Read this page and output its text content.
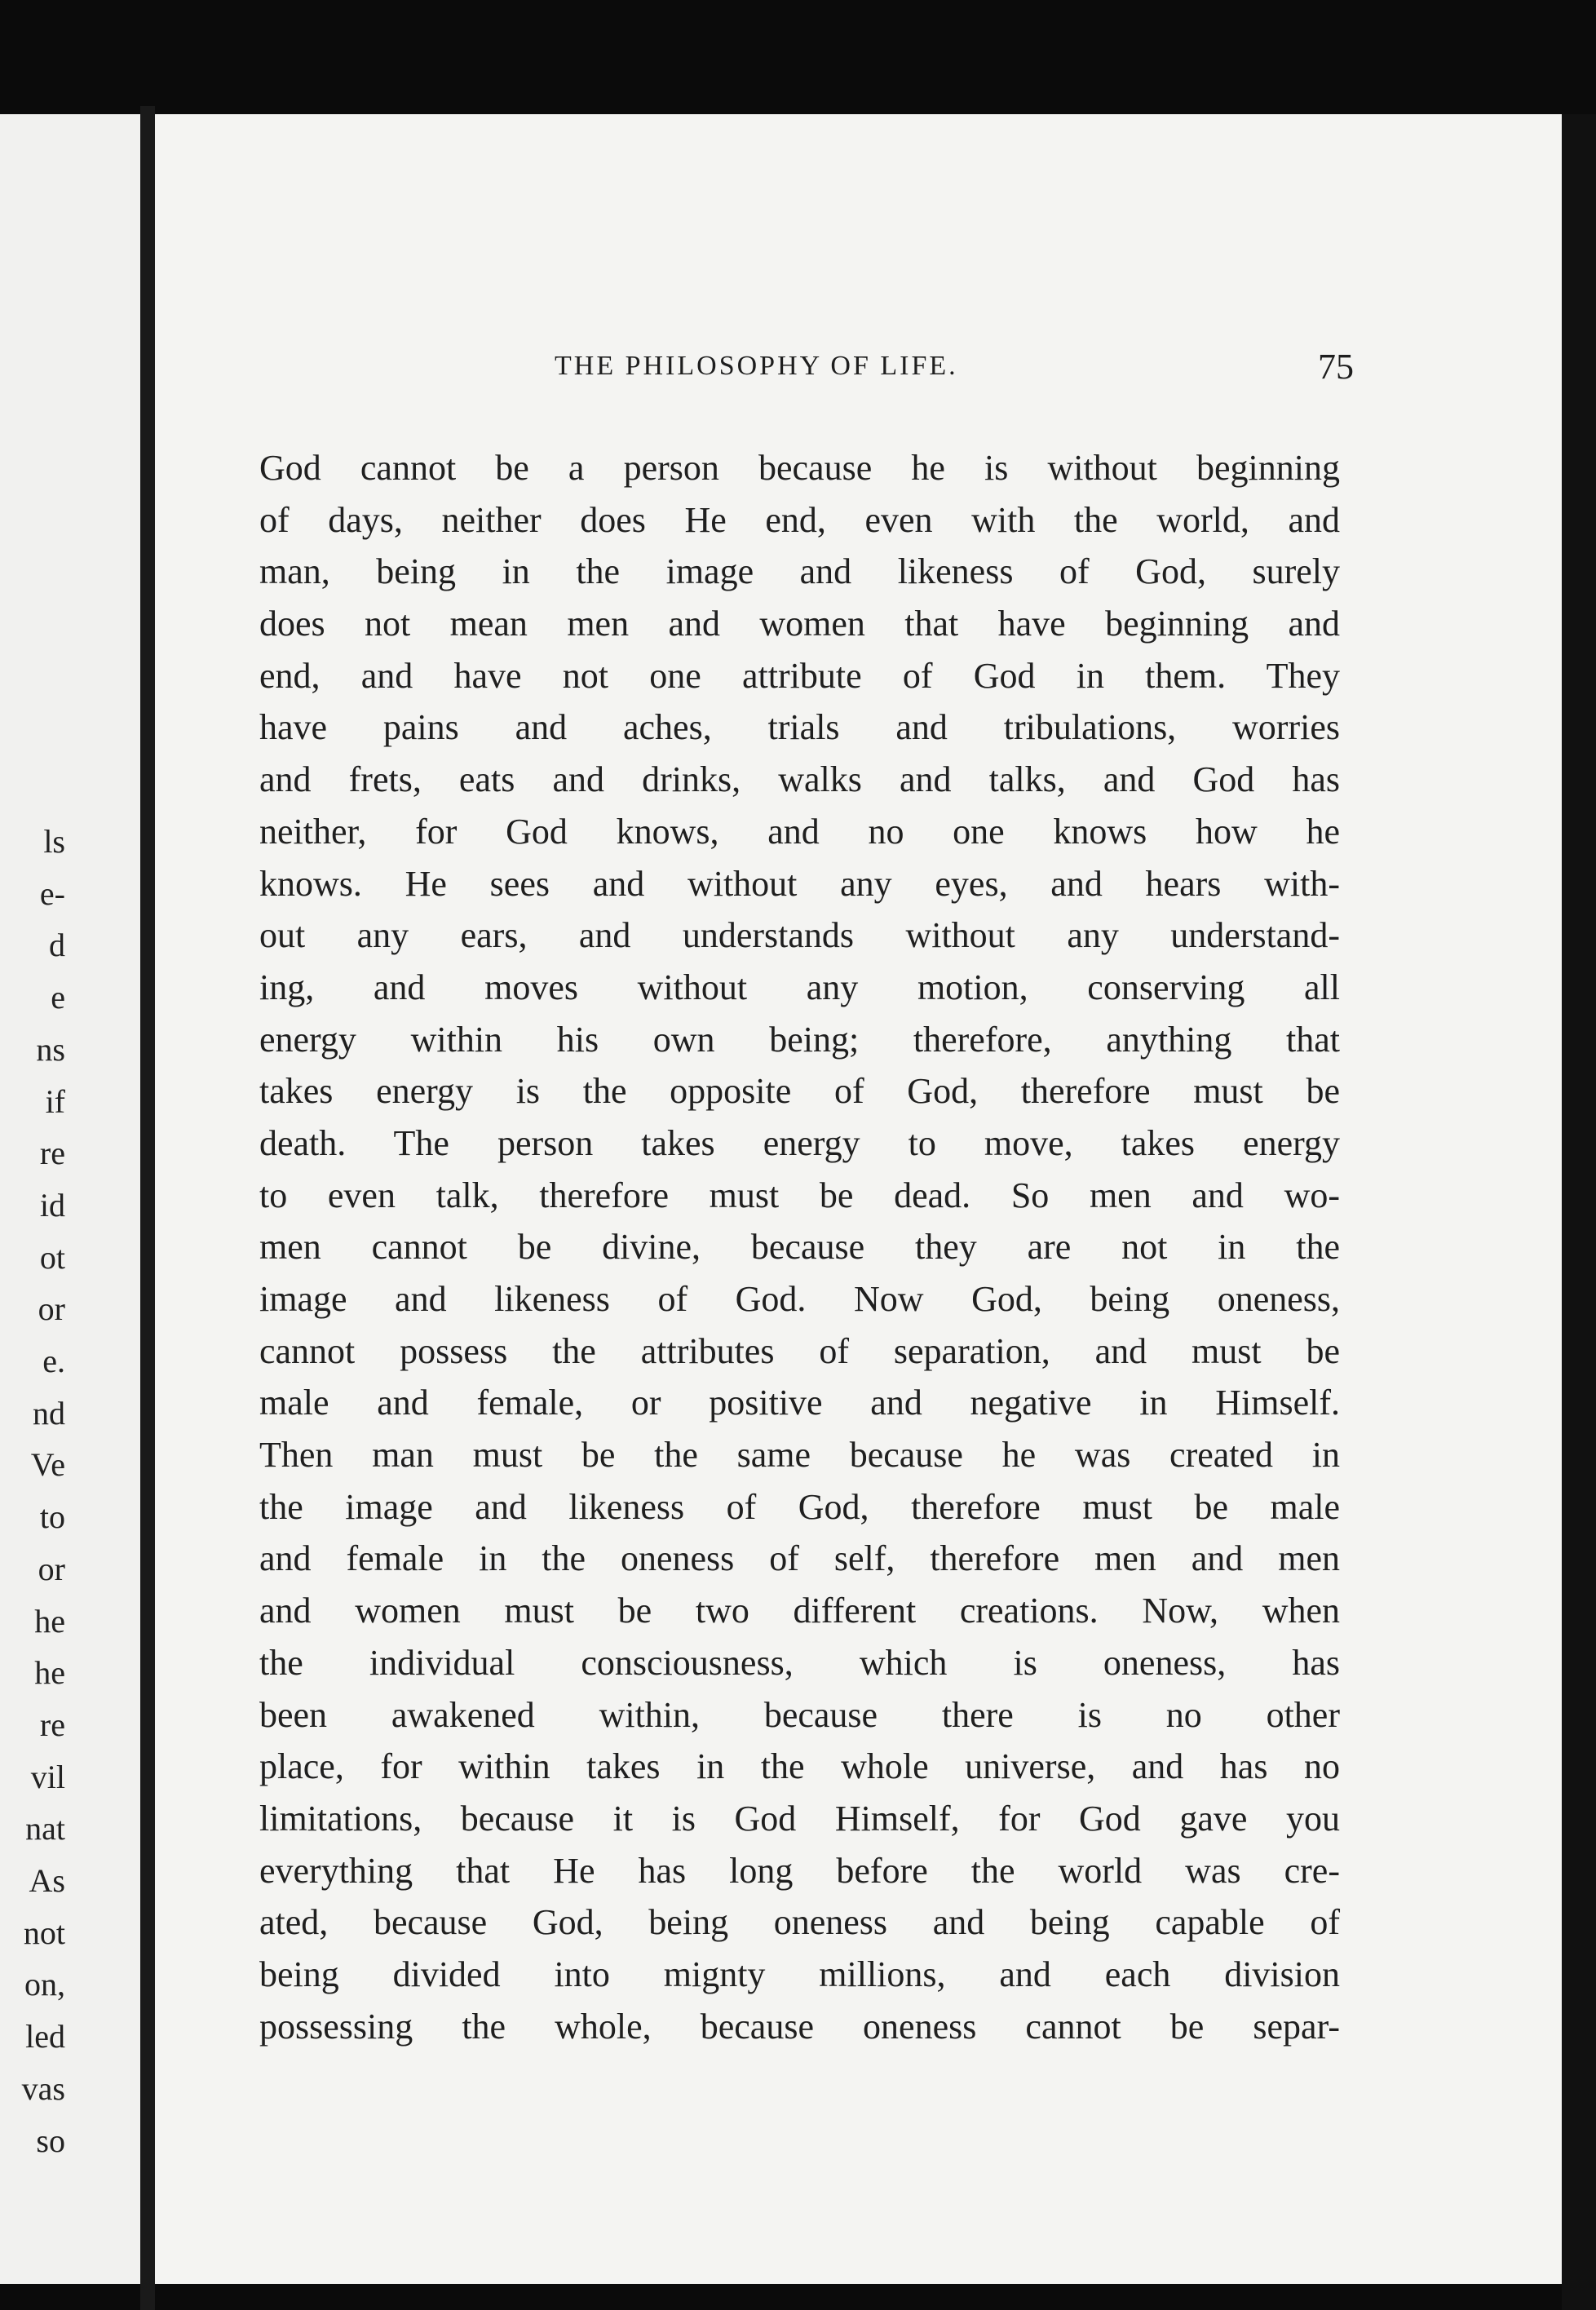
ls
e-
d
e
ns
if
re
id
ot
or
e.
nd
Ve
to
or
he
he
re
vil
nat
As
not
on,
led
vas
so
THE PHILOSOPHY OF LIFE.	75
God cannot be a person because he is without beginning
of days, neither does He end, even with the world, and
man, being in the image and likeness of God, surely
does not mean men and women that have beginning and
end, and have not one attribute of God in them. They
have pains and aches, trials and tribulations, worries
and frets, eats and drinks, walks and talks, and God has
neither, for God knows, and no one knows how he
knows. He sees and without any eyes, and hears with-
out any ears, and understands without any understand-
ing, and moves without any motion, conserving all
energy within his own being; therefore, anything that
takes energy is the opposite of God, therefore must be
death. The person takes energy to move, takes energy
to even talk, therefore must be dead. So men and wo-
men cannot be divine, because they are not in the
image and likeness of God. Now God, being oneness,
cannot possess the attributes of separation, and must be
male and female, or positive and negative in Himself.
Then man must be the same because he was created in
the image and likeness of God, therefore must be male
and female in the oneness of self, therefore men and men
and women must be two different creations. Now, when
the individual consciousness, which is oneness, has
been awakened within, because there is no other
place, for within takes in the whole universe, and has no
limitations, because it is God Himself, for God gave you
everything that He has long before the world was cre-
ated, because God, being oneness and being capable of
being divided into mignty millions, and each division
possessing the whole, because oneness cannot be separ-
